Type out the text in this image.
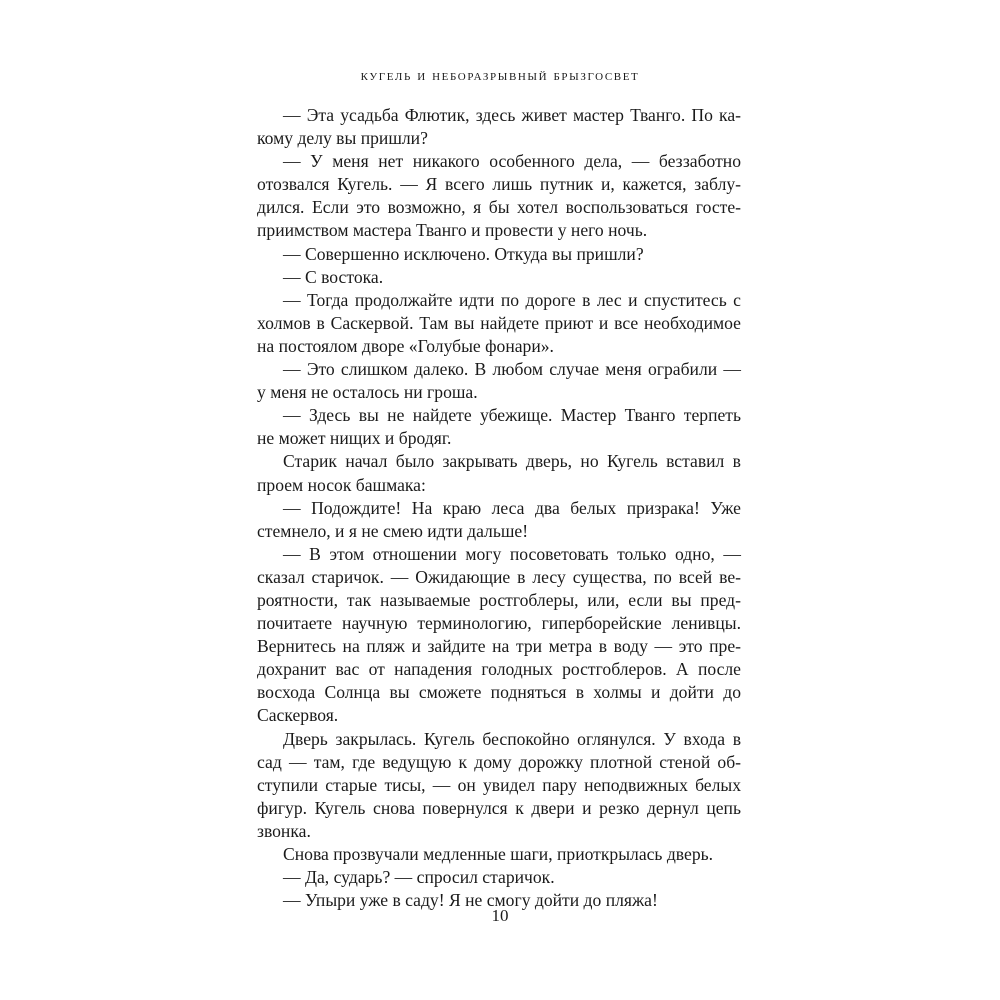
кугель и неборазрывный брызгосвет
— Эта усадьба Флютик, здесь живет мастер Тванго. По ка-
кому делу вы пришли?
— У меня нет никакого особенного дела, — беззаботно
отозвался Кугель. — Я всего лишь путник и, кажется, заблу-
дился. Если это возможно, я бы хотел воспользоваться госте-
приимством мастера Тванго и провести у него ночь.
— Совершенно исключено. Откуда вы пришли?
— С востока.
— Тогда продолжайте идти по дороге в лес и спуститесь с
холмов в Саскервой. Там вы найдете приют и все необходимое
на постоялом дворе «Голубые фонари».
— Это слишком далеко. В любом случае меня ограбили —
у меня не осталось ни гроша.
— Здесь вы не найдете убежище. Мастер Тванго терпеть
не может нищих и бродяг.
Старик начал было закрывать дверь, но Кугель вставил в
проем носок башмака:
— Подождите! На краю леса два белых призрака! Уже
стемнело, и я не смею идти дальше!
— В этом отношении могу посоветовать только одно, —
сказал старичок. — Ожидающие в лесу существа, по всей ве-
роятности, так называемые ростгоблеры, или, если вы пред-
почитаете научную терминологию, гиперборейские ленивцы.
Вернитесь на пляж и зайдите на три метра в воду — это пре-
дохранит вас от нападения голодных ростгоблеров. А после
восхода Солнца вы сможете подняться в холмы и дойти до
Саскервоя.
Дверь закрылась. Кугель беспокойно оглянулся. У входа в
сад — там, где ведущую к дому дорожку плотной стеной об-
ступили старые тисы, — он увидел пару неподвижных белых
фигур. Кугель снова повернулся к двери и резко дернул цепь
звонка.
Снова прозвучали медленные шаги, приоткрылась дверь.
— Да, сударь? — спросил старичок.
— Упыри уже в саду! Я не смогу дойти до пляжа!
10
